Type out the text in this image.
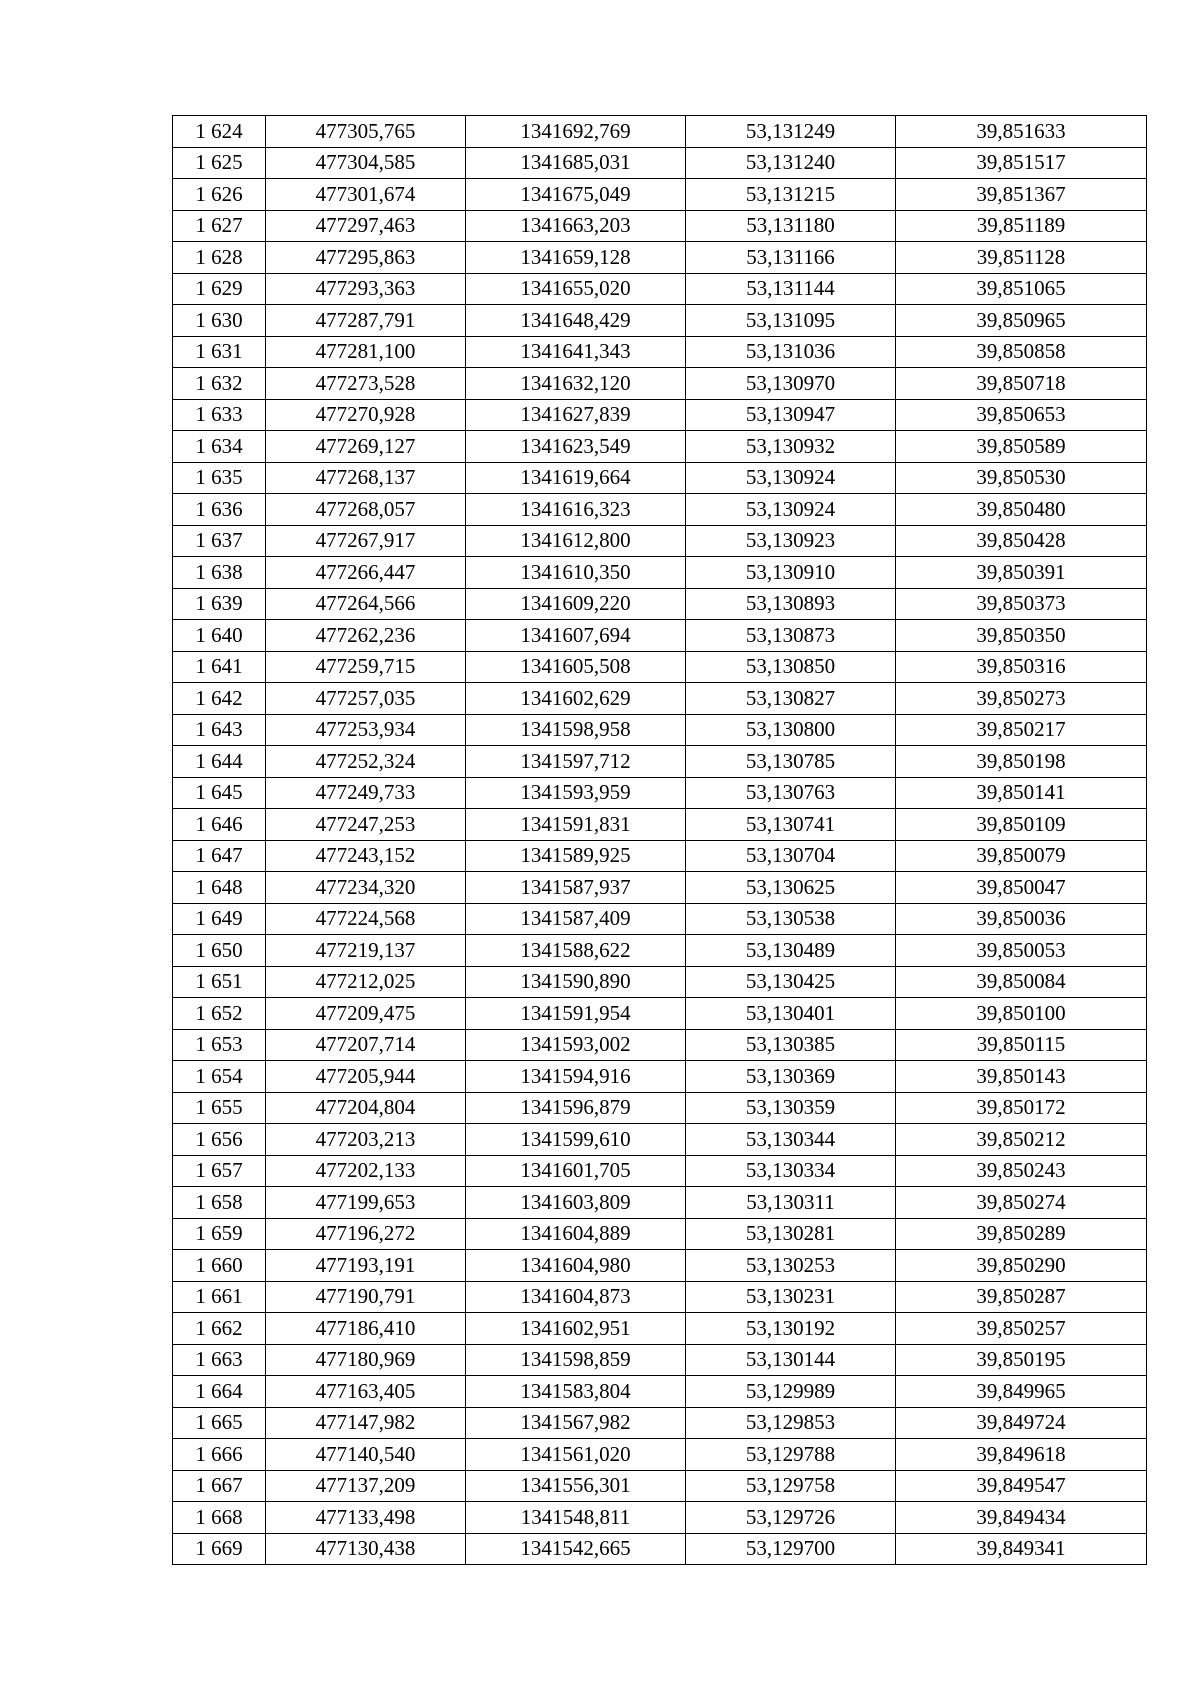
1 624	477305,765	1341692,769	53,131249	39,851633
1 625	477304,585	1341685,031	53,131240	39,851517
1 626	477301,674	1341675,049	53,131215	39,851367
1 627	477297,463	1341663,203	53,131180	39,851189
1 628	477295,863	1341659,128	53,131166	39,851128
1 629	477293,363	1341655,020	53,131144	39,851065
1 630	477287,791	1341648,429	53,131095	39,850965
1 631	477281,100	1341641,343	53,131036	39,850858
1 632	477273,528	1341632,120	53,130970	39,850718
1 633	477270,928	1341627,839	53,130947	39,850653
1 634	477269,127	1341623,549	53,130932	39,850589
1 635	477268,137	1341619,664	53,130924	39,850530
1 636	477268,057	1341616,323	53,130924	39,850480
1 637	477267,917	1341612,800	53,130923	39,850428
1 638	477266,447	1341610,350	53,130910	39,850391
1 639	477264,566	1341609,220	53,130893	39,850373
1 640	477262,236	1341607,694	53,130873	39,850350
1 641	477259,715	1341605,508	53,130850	39,850316
1 642	477257,035	1341602,629	53,130827	39,850273
1 643	477253,934	1341598,958	53,130800	39,850217
1 644	477252,324	1341597,712	53,130785	39,850198
1 645	477249,733	1341593,959	53,130763	39,850141
1 646	477247,253	1341591,831	53,130741	39,850109
1 647	477243,152	1341589,925	53,130704	39,850079
1 648	477234,320	1341587,937	53,130625	39,850047
1 649	477224,568	1341587,409	53,130538	39,850036
1 650	477219,137	1341588,622	53,130489	39,850053
1 651	477212,025	1341590,890	53,130425	39,850084
1 652	477209,475	1341591,954	53,130401	39,850100
1 653	477207,714	1341593,002	53,130385	39,850115
1 654	477205,944	1341594,916	53,130369	39,850143
1 655	477204,804	1341596,879	53,130359	39,850172
1 656	477203,213	1341599,610	53,130344	39,850212
1 657	477202,133	1341601,705	53,130334	39,850243
1 658	477199,653	1341603,809	53,130311	39,850274
1 659	477196,272	1341604,889	53,130281	39,850289
1 660	477193,191	1341604,980	53,130253	39,850290
1 661	477190,791	1341604,873	53,130231	39,850287
1 662	477186,410	1341602,951	53,130192	39,850257
1 663	477180,969	1341598,859	53,130144	39,850195
1 664	477163,405	1341583,804	53,129989	39,849965
1 665	477147,982	1341567,982	53,129853	39,849724
1 666	477140,540	1341561,020	53,129788	39,849618
1 667	477137,209	1341556,301	53,129758	39,849547
1 668	477133,498	1341548,811	53,129726	39,849434
1 669	477130,438	1341542,665	53,129700	39,849341
